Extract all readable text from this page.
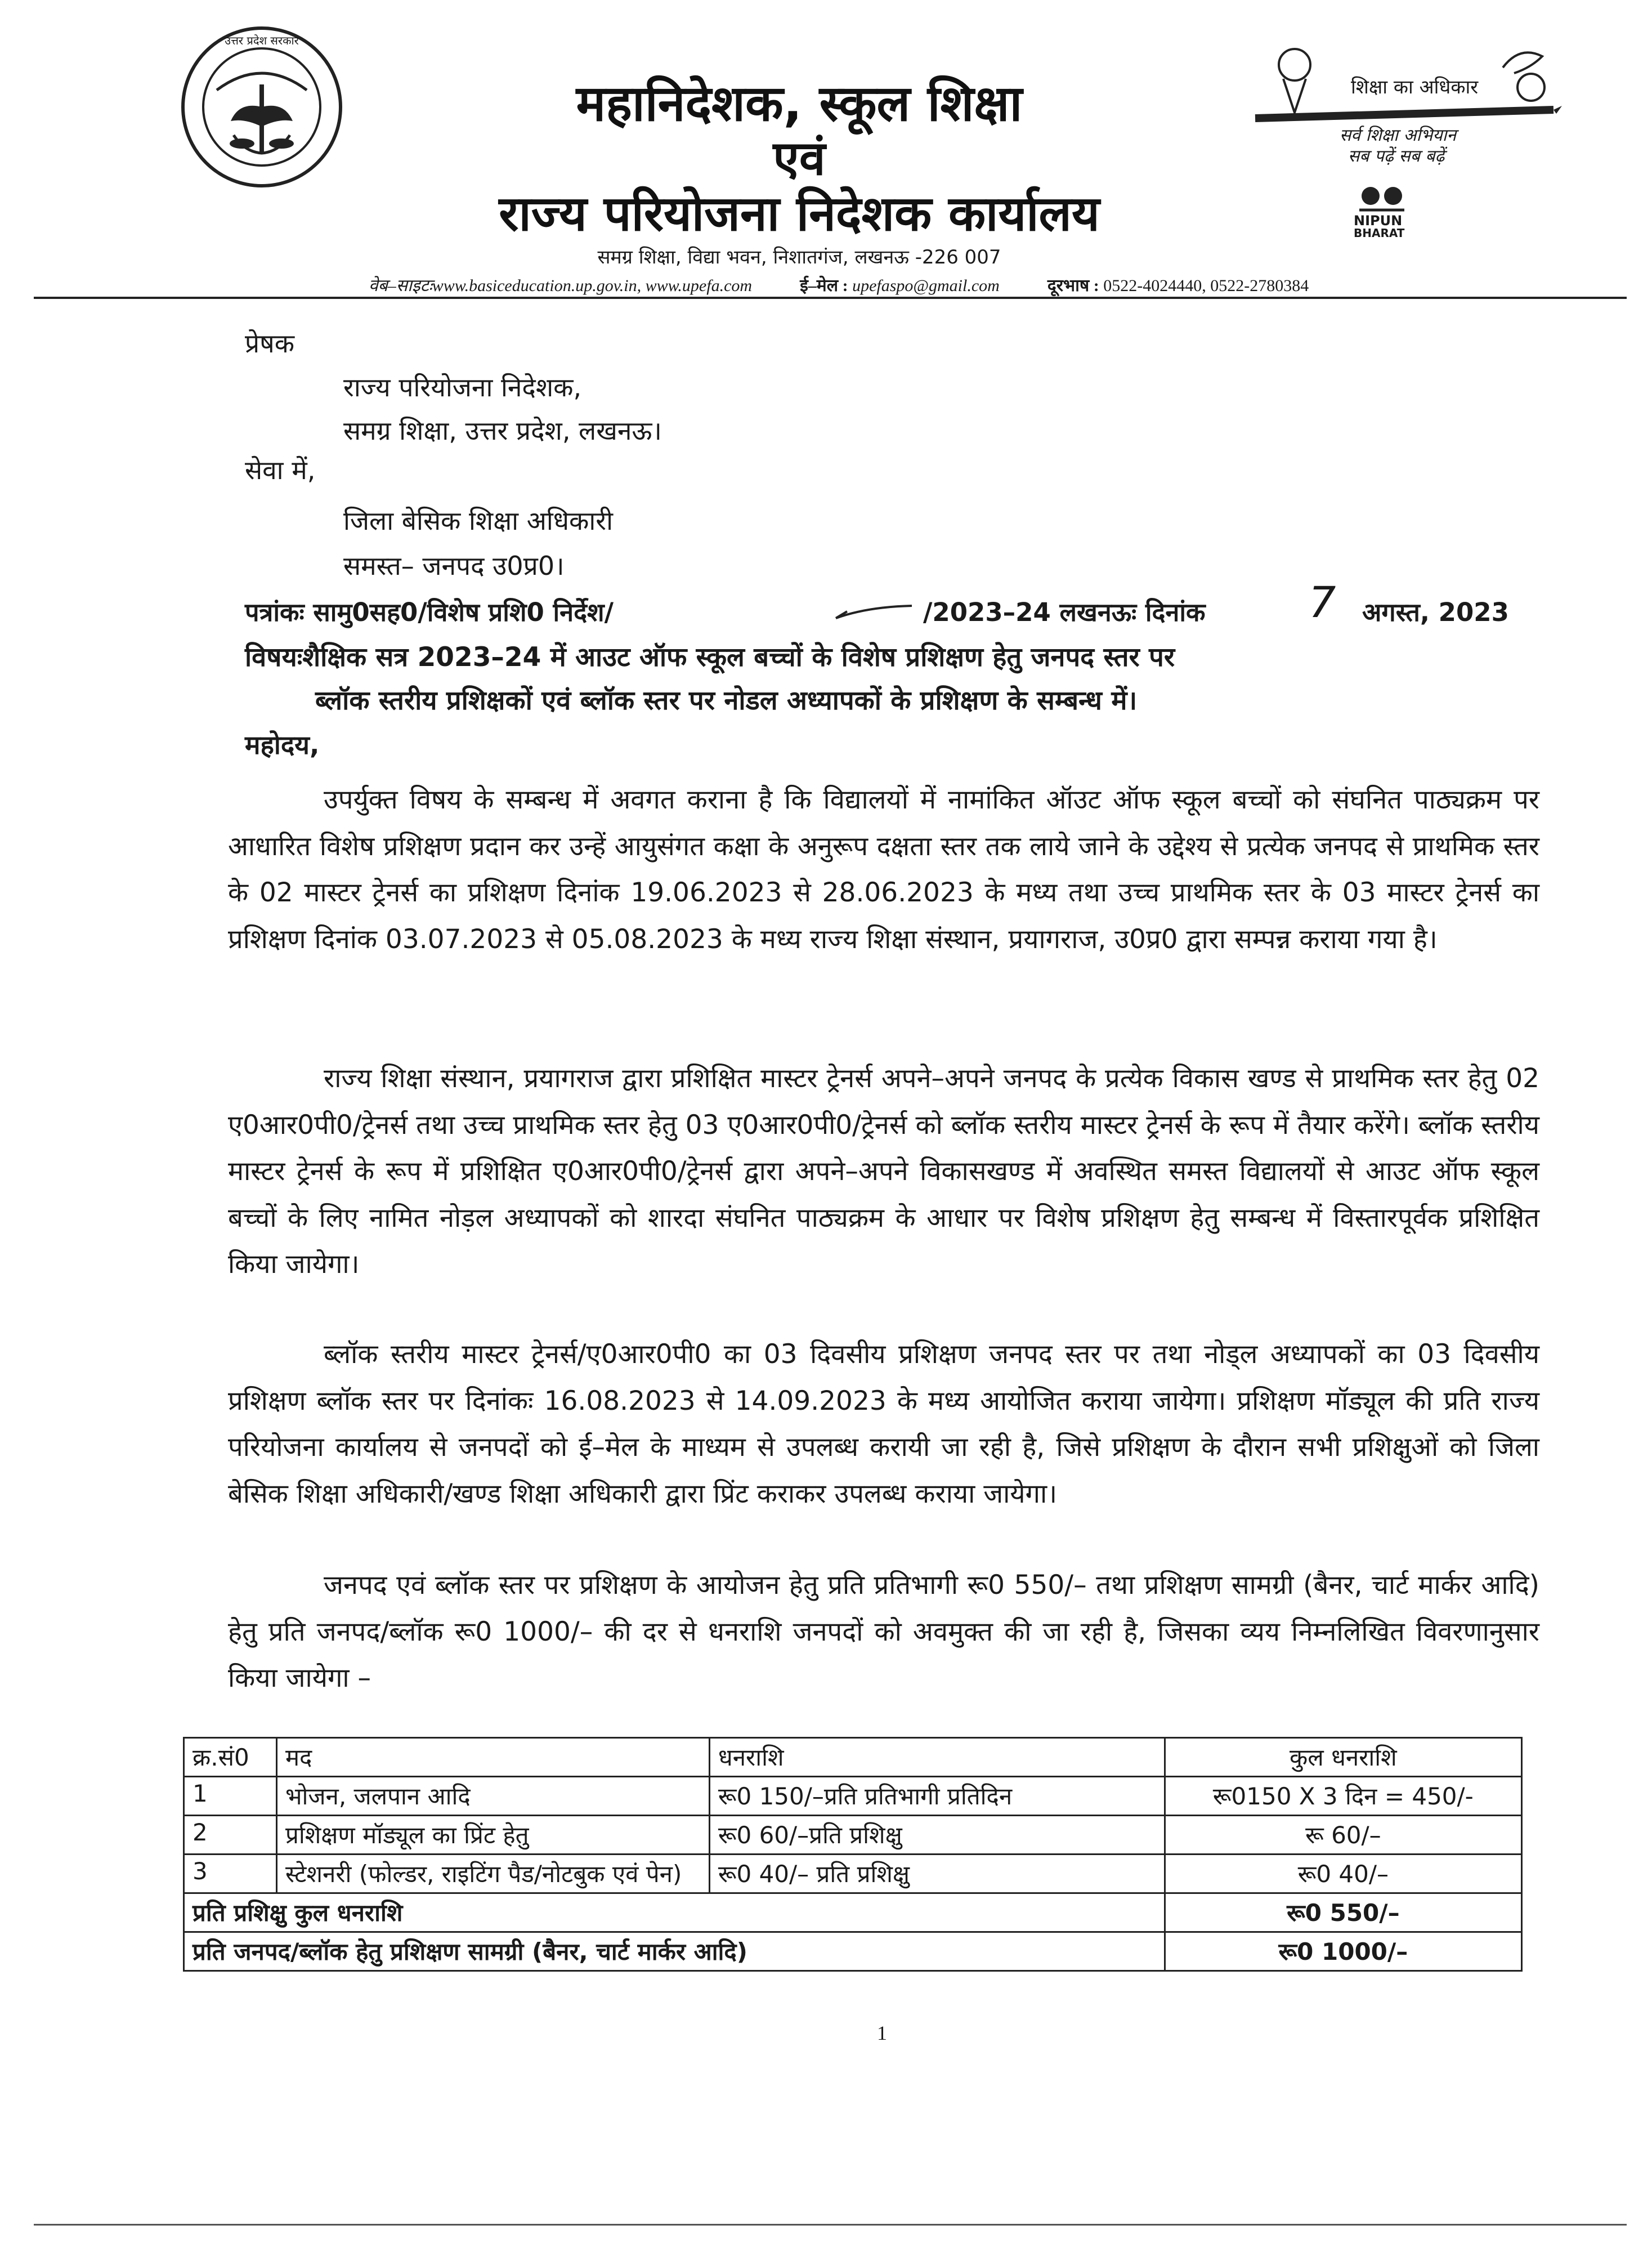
उत्तर प्रदेश सरकार
महानिदेशक, स्कूल शिक्षा
एवं
राज्य परियोजना निदेशक कार्यालय
समग्र शिक्षा, विद्या भवन, निशातगंज, लखनऊ -226 007
शिक्षा का अधिकार
सर्व शिक्षा अभियान
सब पढ़ें सब बढ़ें
NIPUN
BHARAT
वेब–साइटःwww.basiceducation.up.gov.in, www.upefa.com	ई–मेल : upefaspo@gmail.com	दूरभाष : 0522-4024440, 0522-2780384
प्रेषक
राज्य परियोजना निदेशक,
समग्र शिक्षा, उत्तर प्रदेश, लखनऊ।
सेवा में,
जिला बेसिक शिक्षा अधिकारी
समस्त– जनपद उ0प्र0।
पत्रांकः सामु0सह0/विशेष प्रशि0 निर्देश/	/2023–24 लखनऊः दिनांक 7 अगस्त, 2023
विषयःशैक्षिक सत्र 2023–24 में आउट ऑफ स्कूल बच्चों के विशेष प्रशिक्षण हेतु जनपद स्तर पर
ब्लॉक स्तरीय प्रशिक्षकों एवं ब्लॉक स्तर पर नोडल अध्यापकों के प्रशिक्षण के सम्बन्ध में।
महोदय,
उपर्युक्त विषय के सम्बन्ध में अवगत कराना है कि विद्यालयों में नामांकित ऑउट ऑफ स्कूल बच्चों को संघनित पाठ्यक्रम पर आधारित विशेष प्रशिक्षण प्रदान कर उन्हें आयुसंगत कक्षा के अनुरूप दक्षता स्तर तक लाये जाने के उद्देश्य से प्रत्येक जनपद से प्राथमिक स्तर के 02 मास्टर ट्रेनर्स का प्रशिक्षण दिनांक 19.06.2023 से 28.06.2023 के मध्य तथा उच्च प्राथमिक स्तर के 03 मास्टर ट्रेनर्स का प्रशिक्षण दिनांक 03.07.2023 से 05.08.2023 के मध्य राज्य शिक्षा संस्थान, प्रयागराज, उ0प्र0 द्वारा सम्पन्न कराया गया है।
राज्य शिक्षा संस्थान, प्रयागराज द्वारा प्रशिक्षित मास्टर ट्रेनर्स अपने–अपने जनपद के प्रत्येक विकास खण्ड से प्राथमिक स्तर हेतु 02 ए0आर0पी0/ट्रेनर्स तथा उच्च प्राथमिक स्तर हेतु 03 ए0आर0पी0/ट्रेनर्स को ब्लॉक स्तरीय मास्टर ट्रेनर्स के रूप में तैयार करेंगे। ब्लॉक स्तरीय मास्टर ट्रेनर्स के रूप में प्रशिक्षित ए0आर0पी0/ट्रेनर्स द्वारा अपने–अपने विकासखण्ड में अवस्थित समस्त विद्यालयों से आउट ऑफ स्कूल बच्चों के लिए नामित नोड़ल अध्यापकों को शारदा संघनित पाठ्यक्रम के आधार पर विशेष प्रशिक्षण हेतु सम्बन्ध में विस्तारपूर्वक प्रशिक्षित किया जायेगा।
ब्लॉक स्तरीय मास्टर ट्रेनर्स/ए0आर0पी0 का 03 दिवसीय प्रशिक्षण जनपद स्तर पर तथा नोड्ल अध्यापकों का 03 दिवसीय प्रशिक्षण ब्लॉक स्तर पर दिनांकः 16.08.2023 से 14.09.2023 के मध्य आयोजित कराया जायेगा। प्रशिक्षण मॉड्यूल की प्रति राज्य परियोजना कार्यालय से जनपदों को ई–मेल के माध्यम से उपलब्ध करायी जा रही है, जिसे प्रशिक्षण के दौरान सभी प्रशिक्षुओं को जिला बेसिक शिक्षा अधिकारी/खण्ड शिक्षा अधिकारी द्वारा प्रिंट कराकर उपलब्ध कराया जायेगा।
जनपद एवं ब्लॉक स्तर पर प्रशिक्षण के आयोजन हेतु प्रति प्रतिभागी रू0 550/– तथा प्रशिक्षण सामग्री (बैनर, चार्ट मार्कर आदि) हेतु प्रति जनपद/ब्लॉक रू0 1000/– की दर से धनराशि जनपदों को अवमुक्त की जा रही है, जिसका व्यय निम्नलिखित विवरणानुसार किया जायेगा –
क्र.सं0	मद	धनराशि	कुल धनराशि
1	भोजन, जलपान आदि	रू0 150/–प्रति प्रतिभागी प्रतिदिन	रू0150 X 3 दिन = 450/-
2	प्रशिक्षण मॉड्यूल का प्रिंट हेतु	रू0 60/–प्रति प्रशिक्षु	रू 60/–
3	स्टेशनरी (फोल्डर, राइटिंग पैड/नोटबुक एवं पेन)	रू0 40/– प्रति प्रशिक्षु	रू0 40/–
प्रति प्रशिक्षु कुल धनराशि			रू0 550/–
प्रति जनपद/ब्लॉक हेतु प्रशिक्षण सामग्री (बैनर, चार्ट मार्कर आदि)			रू0 1000/–
1
